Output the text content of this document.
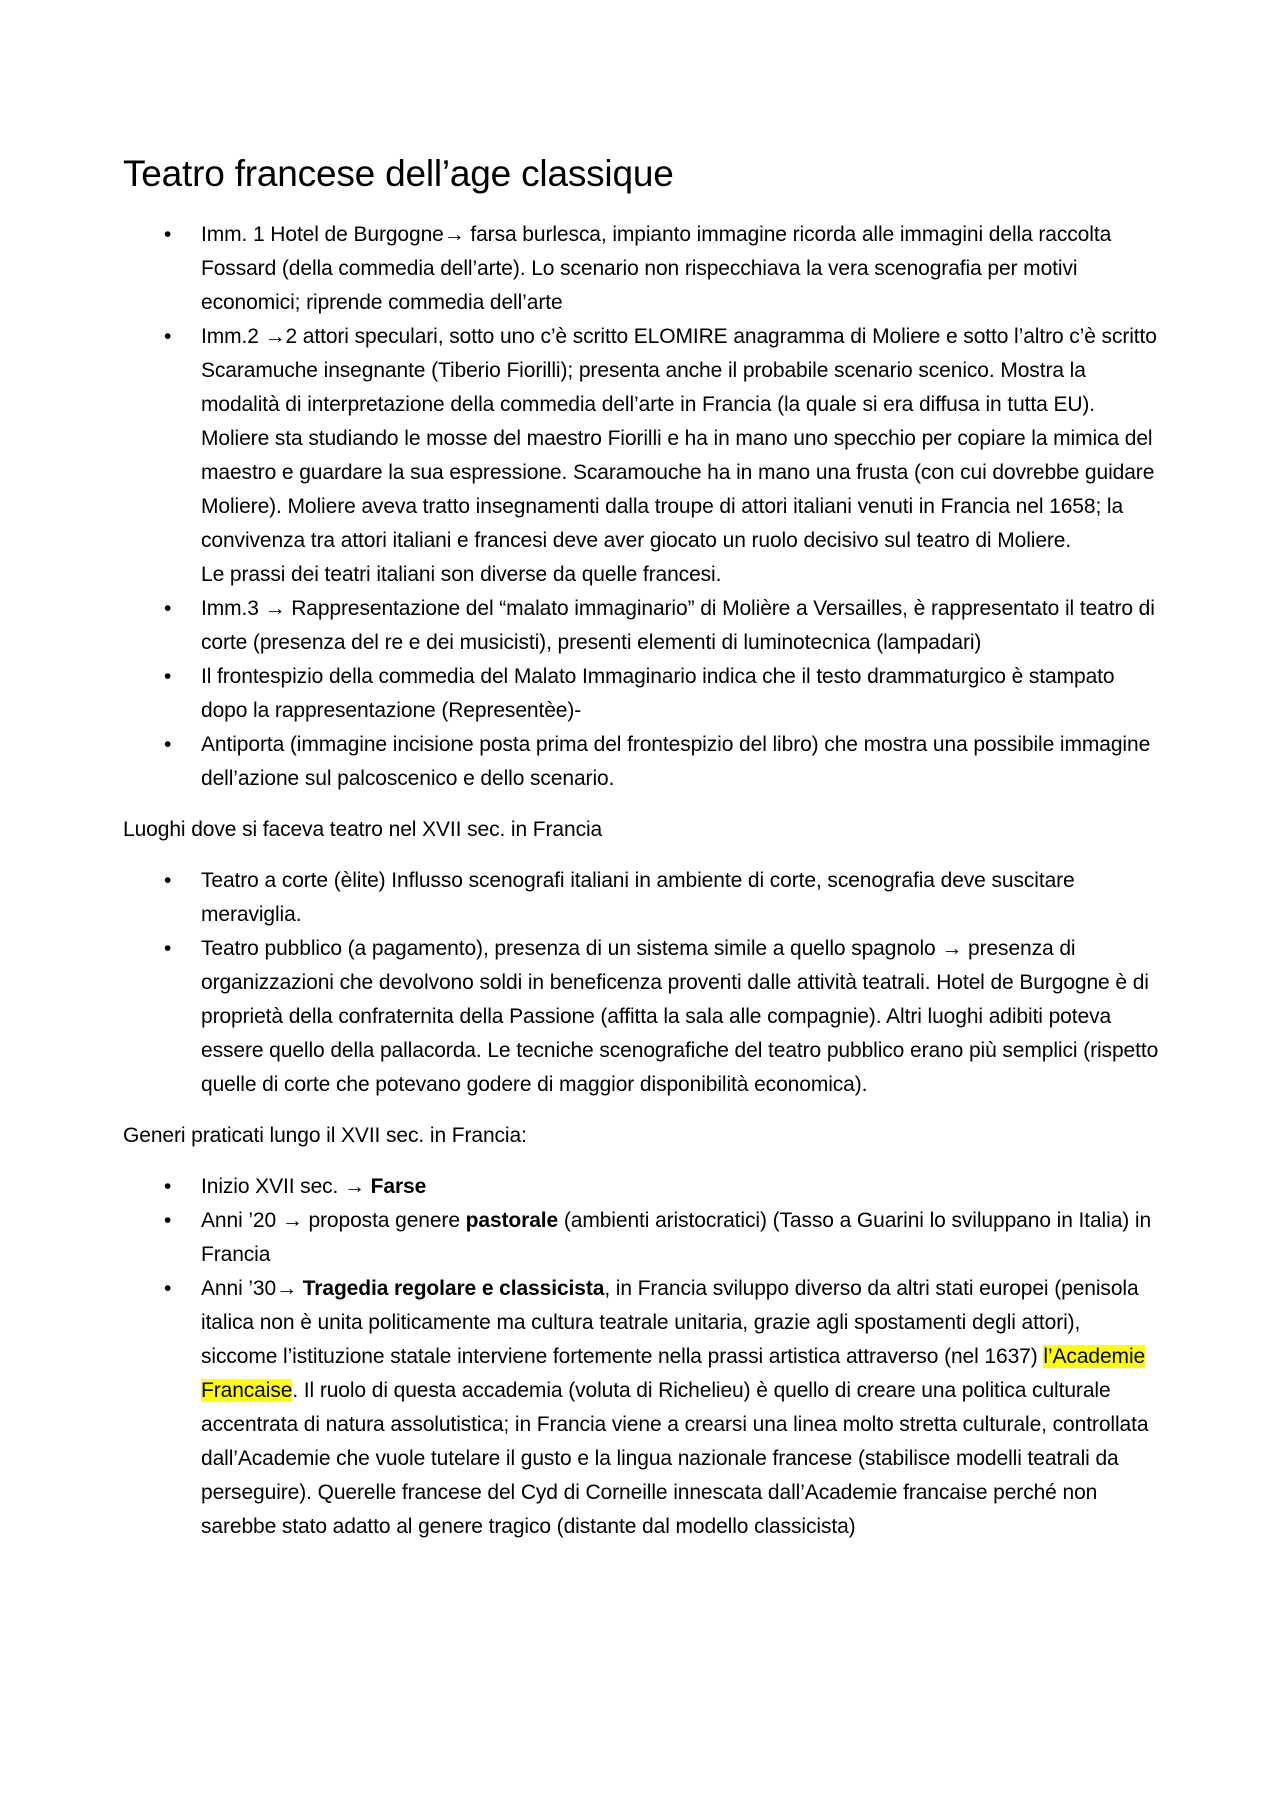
Teatro francese dell’age classique
• Imm. 1 Hotel de Burgogne→ farsa burlesca, impianto immagine ricorda alle immagini della raccolta Fossard (della commedia dell’arte). Lo scenario non rispecchiava la vera scenografia per motivi economici; riprende commedia dell’arte
• Imm.2 →2 attori speculari, sotto uno c’è scritto ELOMIRE anagramma di Moliere e sotto l’altro c’è scritto Scaramuche insegnante (Tiberio Fiorilli); presenta anche il probabile scenario scenico. Mostra la modalità di interpretazione della commedia dell’arte in Francia (la quale si era diffusa in tutta EU). Moliere sta studiando le mosse del maestro Fiorilli e ha in mano uno specchio per copiare la mimica del maestro e guardare la sua espressione. Scaramouche ha in mano una frusta (con cui dovrebbe guidare Moliere). Moliere aveva tratto insegnamenti dalla troupe di attori italiani venuti in Francia nel 1658; la convivenza tra attori italiani e francesi deve aver giocato un ruolo decisivo sul teatro di Moliere.
Le prassi dei teatri italiani son diverse da quelle francesi.
• Imm.3 → Rappresentazione del “malato immaginario” di Molière a Versailles, è rappresentato il teatro di corte (presenza del re e dei musicisti), presenti elementi di luminotecnica (lampadari)
• Il frontespizio della commedia del Malato Immaginario indica che il testo drammaturgico è stampato dopo la rappresentazione (Representèe)-
• Antiporta (immagine incisione posta prima del frontespizio del libro) che mostra una possibile immagine dell’azione sul palcoscenico e dello scenario.

Luoghi dove si faceva teatro nel XVII sec. in Francia

• Teatro a corte (èlite) Influsso scenografi italiani in ambiente di corte, scenografia deve suscitare meraviglia.
• Teatro pubblico (a pagamento), presenza di un sistema simile a quello spagnolo → presenza di organizzazioni che devolvono soldi in beneficenza proventi dalle attività teatrali. Hotel de Burgogne è di proprietà della confraternita della Passione (affitta la sala alle compagnie). Altri luoghi adibiti poteva essere quello della pallacorda. Le tecniche scenografiche del teatro pubblico erano più semplici (rispetto quelle di corte che potevano godere di maggior disponibilità economica).

Generi praticati lungo il XVII sec. in Francia:

• Inizio XVII sec. → Farse
• Anni ’20 → proposta genere pastorale (ambienti aristocratici) (Tasso a Guarini lo sviluppano in Italia) in Francia
• Anni ’30→ Tragedia regolare e classicista, in Francia sviluppo diverso da altri stati europei (penisola italica non è unita politicamente ma cultura teatrale unitaria, grazie agli spostamenti degli attori), siccome l’istituzione statale interviene fortemente nella prassi artistica attraverso (nel 1637) l’Academie Francaise. Il ruolo di questa accademia (voluta di Richelieu) è quello di creare una politica culturale accentrata di natura assolutistica; in Francia viene a crearsi una linea molto stretta culturale, controllata dall’Academie che vuole tutelare il gusto e la lingua nazionale francese (stabilisce modelli teatrali da perseguire). Querelle francese del Cyd di Corneille innescata dall’Academie francaise perché non sarebbe stato adatto al genere tragico (distante dal modello classicista)
